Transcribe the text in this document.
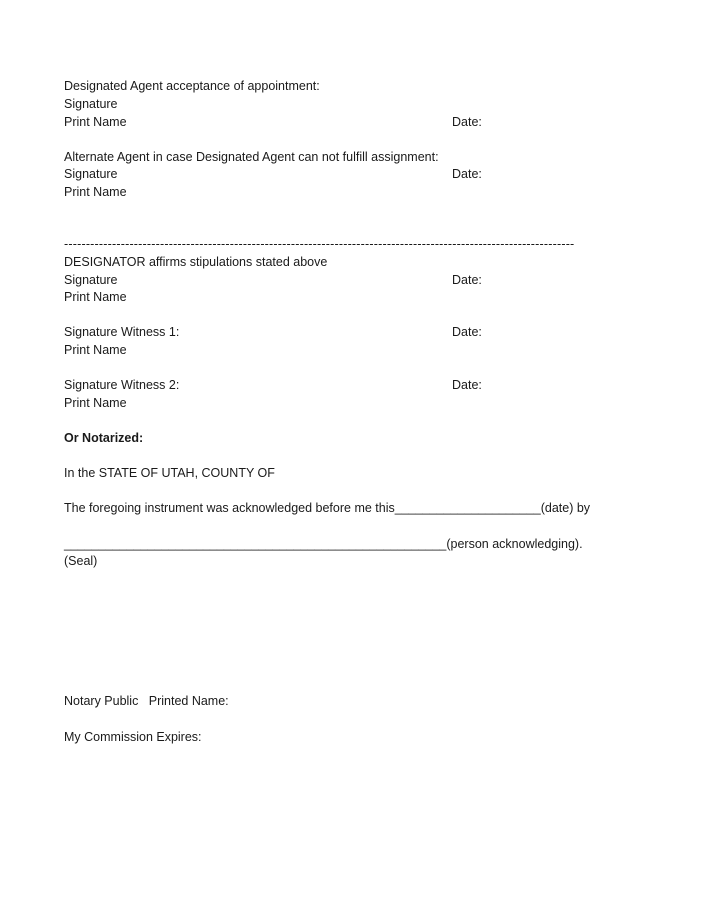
Designated Agent acceptance of appointment:
Signature
Print Name	Date:
Alternate Agent in case Designated Agent can not fulfill assignment:
Signature	Date:
Print Name
---------------------------------------------------------------------------------------------------------------------
DESIGNATOR affirms stipulations stated above
Signature	Date:
Print Name
Signature Witness 1:	Date:
Print Name
Signature Witness 2:	Date:
Print Name
Or Notarized:
In the STATE OF UTAH, COUNTY OF
The foregoing instrument was acknowledged before me this_____________________(date) by
_______________________________________________________(person acknowledging).
(Seal)
Notary Public   Printed Name:
My Commission Expires:
